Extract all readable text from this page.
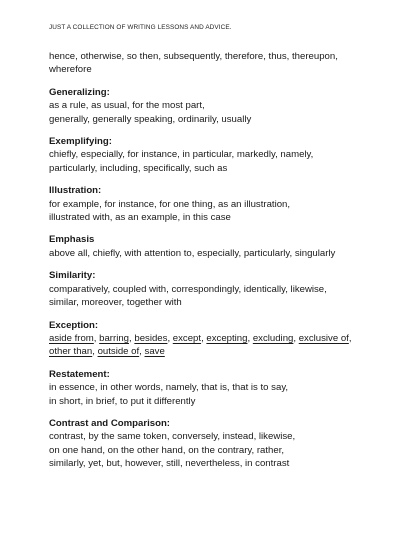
JUST A COLLECTION OF WRITING LESSONS AND ADVICE.
hence, otherwise, so then, subsequently, therefore, thus, thereupon,
wherefore
Generalizing:
as a rule, as usual, for the most part,
generally, generally speaking, ordinarily, usually
Exemplifying:
chiefly, especially, for instance, in particular, markedly, namely,
particularly, including, specifically, such as
Illustration:
for example, for instance, for one thing, as an illustration,
illustrated with, as an example, in this case
Emphasis
above all, chiefly, with attention to, especially, particularly, singularly
Similarity:
comparatively, coupled with, correspondingly, identically, likewise,
similar, moreover, together with
Exception:
aside from, barring, besides, except, excepting, excluding, exclusive of,
other than, outside of, save
Restatement:
in essence, in other words, namely, that is, that is to say,
in short, in brief, to put it differently
Contrast and Comparison:
contrast, by the same token, conversely, instead, likewise,
on one hand, on the other hand, on the contrary, rather,
similarly, yet, but, however, still, nevertheless, in contrast
